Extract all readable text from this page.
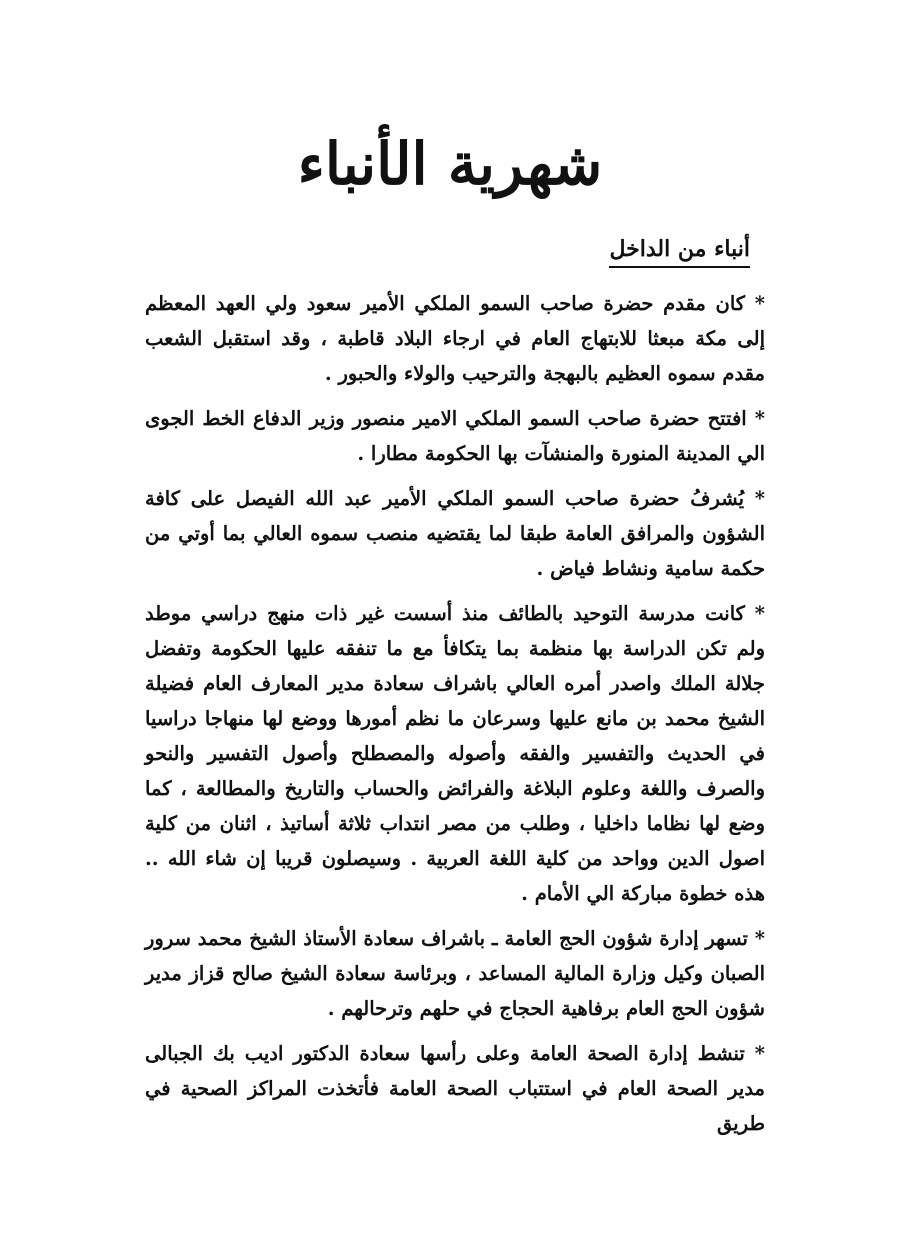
شهرية الأنباء
أنباء من الداخل

* كان مقدم حضرة صاحب السمو الملكي الأمير سعود ولي العهد المعظم إلى مكة مبعثا للابتهاج العام في ارجاء البلاد قاطبة ، وقد استقبل الشعب مقدم سموه العظيم بالبهجة والترحيب والولاء والحبور .

* افتتح حضرة صاحب السمو الملكي الامير منصور وزير الدفاع الخط الجوى الي المدينة المنورة والمنشآت بها الحكومة مطارا .

* يُشرفُ حضرة صاحب السمو الملكي الأمير عبد الله الفيصل على كافة الشؤون والمرافق العامة طبقا لما يقتضيه منصب سموه العالي بما أوتي من حكمة سامية ونشاط فياض .

* كانت مدرسة التوحيد بالطائف منذ أسست غير ذات منهج دراسي موطد ولم تكن الدراسة بها منظمة بما يتكافأ مع ما تنفقه عليها الحكومة وتفضل جلالة الملك واصدر أمره العالي باشراف سعادة مدير المعارف العام فضيلة الشيخ محمد بن مانع عليها وسرعان ما نظم أمورها ووضع لها منهاجا دراسيا في الحديث والتفسير والفقه وأصوله والمصطلح وأصول التفسير والنحو والصرف واللغة وعلوم البلاغة والفرائض والحساب والتاريخ والمطالعة ، كما وضع لها نظاما داخليا ، وطلب من مصر انتداب ثلاثة أساتيذ ، اثنان من كلية اصول الدين وواحد من كلية اللغة العربية . وسيصلون قريبا إن شاء الله .. هذه خطوة مباركة الي الأمام .

* تسهر إدارة شؤون الحج العامة ـ باشراف سعادة الأستاذ الشيخ محمد سرور الصبان وكيل وزارة المالية المساعد ، وبرئاسة سعادة الشيخ صالح قزاز مدير شؤون الحج العام برفاهية الحجاج في حلهم وترحالهم .

* تنشط إدارة الصحة العامة وعلى رأسها سعادة الدكتور اديب بك الجبالى مدير الصحة العام في استتباب الصحة العامة فأتخذت المراكز الصحية في طريق
